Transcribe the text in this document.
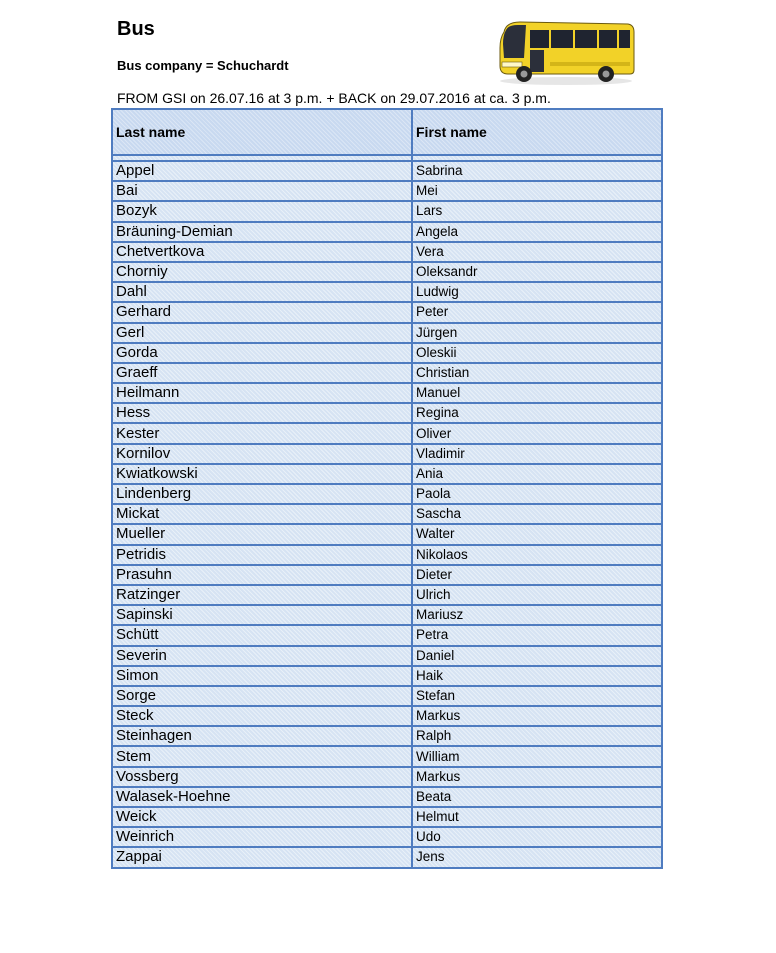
Bus
Bus company = Schuchardt
FROM GSI on 26.07.16 at 3 p.m. + BACK on 29.07.2016 at ca. 3 p.m.
Last name	First name

Appel	Sabrina
Bai	Mei
Bozyk	Lars
Bräuning-Demian	Angela
Chetvertkova	Vera
Chorniy	Oleksandr
Dahl	Ludwig
Gerhard	Peter
Gerl	Jürgen
Gorda	Oleskii
Graeff	Christian
Heilmann	Manuel
Hess	Regina
Kester	Oliver
Kornilov	Vladimir
Kwiatkowski	Ania
Lindenberg	Paola
Mickat	Sascha
Mueller	Walter
Petridis	Nikolaos
Prasuhn	Dieter
Ratzinger	Ulrich
Sapinski	Mariusz
Schütt	Petra
Severin	Daniel
Simon	Haik
Sorge	Stefan
Steck	Markus
Steinhagen	Ralph
Stem	William
Vossberg	Markus
Walasek-Hoehne	Beata
Weick	Helmut
Weinrich	Udo
Zappai	Jens
